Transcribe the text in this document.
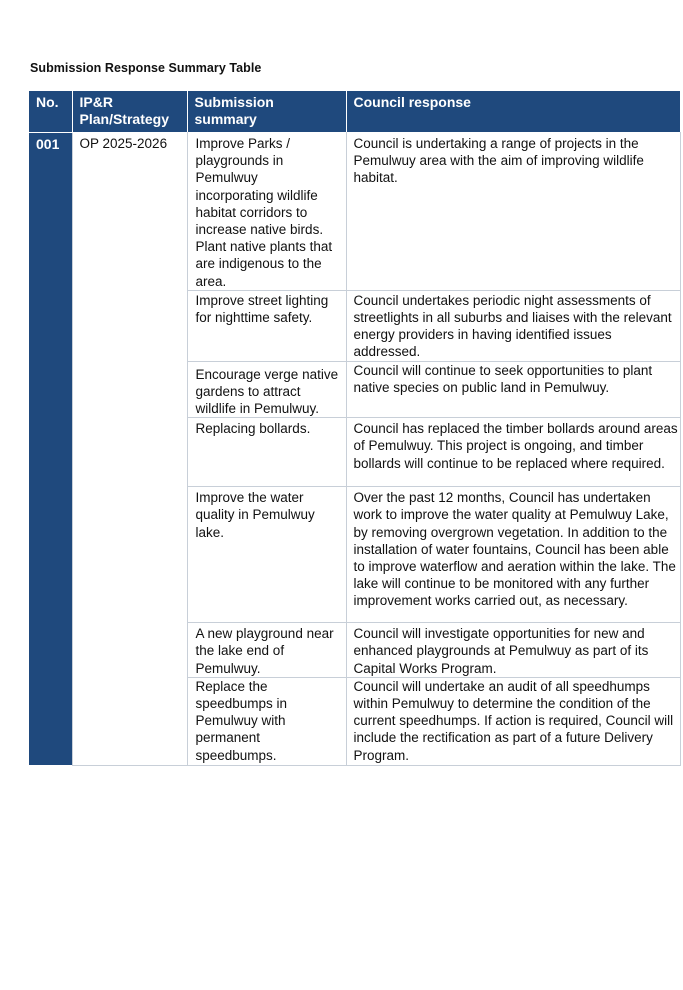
Submission Response Summary Table
No.	IP&R Plan/Strategy	Submission summary	Council response
001	OP 2025-2026	Improve Parks / playgrounds in Pemulwuy incorporating wildlife habitat corridors to increase native birds. Plant native plants that are indigenous to the area.	Council is undertaking a range of projects in the Pemulwuy area with the aim of improving wildlife habitat.
		Improve street lighting for nighttime safety.	Council undertakes periodic night assessments of streetlights in all suburbs and liaises with the relevant energy providers in having identified issues addressed.
		Encourage verge native gardens to attract wildlife in Pemulwuy.	Council will continue to seek opportunities to plant native species on public land in Pemulwuy.
		Replacing bollards.	Council has replaced the timber bollards around areas of Pemulwuy. This project is ongoing, and timber bollards will continue to be replaced where required.
		Improve the water quality in Pemulwuy lake.	Over the past 12 months, Council has undertaken work to improve the water quality at Pemulwuy Lake, by removing overgrown vegetation. In addition to the installation of water fountains, Council has been able to improve waterflow and aeration within the lake. The lake will continue to be monitored with any further improvement works carried out, as necessary.
		A new playground near the lake end of Pemulwuy.	Council will investigate opportunities for new and enhanced playgrounds at Pemulwuy as part of its Capital Works Program.
		Replace the speedbumps in Pemulwuy with permanent speedbumps.	Council will undertake an audit of all speedhumps within Pemulwuy to determine the condition of the current speedhumps. If action is required, Council will include the rectification as part of a future Delivery Program.
